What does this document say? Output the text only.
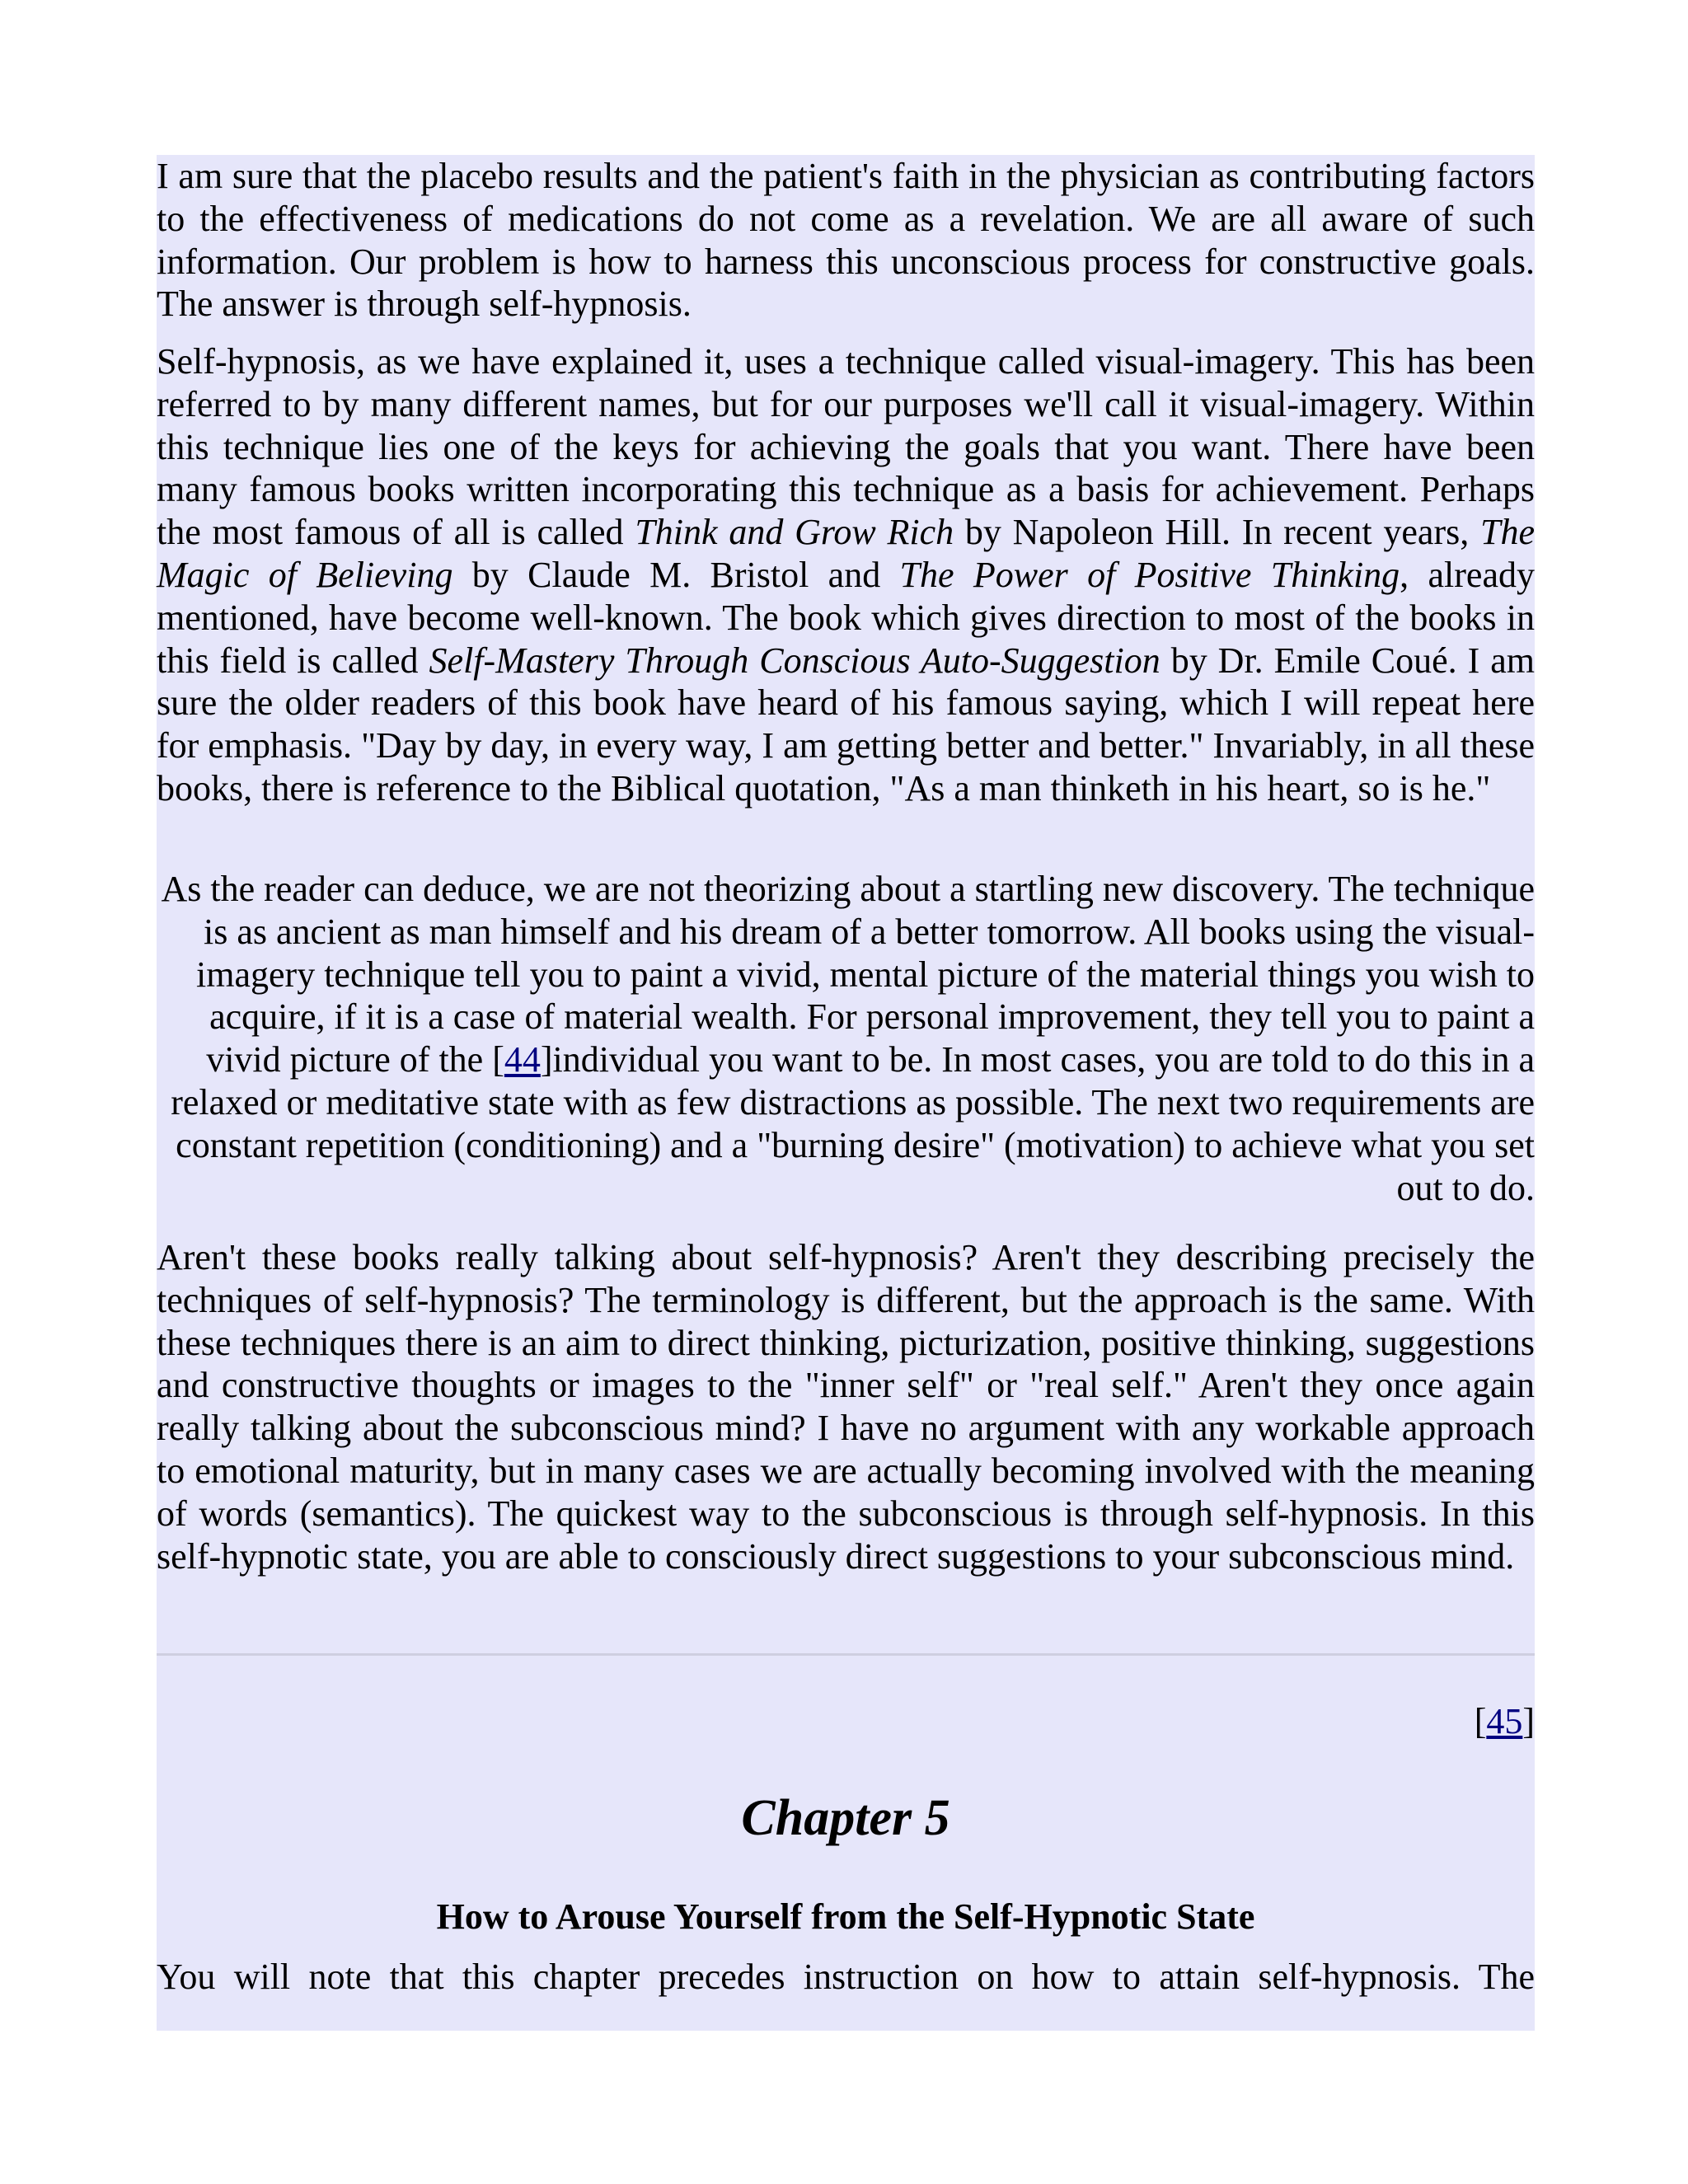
I am sure that the placebo results and the patient's faith in the physician as contributing factors to the effectiveness of medications do not come as a revelation. We are all aware of such information. Our problem is how to harness this unconscious process for constructive goals. The answer is through self-hypnosis.

Self-hypnosis, as we have explained it, uses a technique called visual-imagery. This has been referred to by many different names, but for our purposes we'll call it visual-imagery. Within this technique lies one of the keys for achieving the goals that you want. There have been many famous books written incorporating this technique as a basis for achievement. Perhaps the most famous of all is called Think and Grow Rich by Napoleon Hill. In recent years, The Magic of Believing by Claude M. Bristol and The Power of Positive Thinking, already mentioned, have become well-known. The book which gives direction to most of the books in this field is called Self-Mastery Through Conscious Auto-Suggestion by Dr. Emile Coué. I am sure the older readers of this book have heard of his famous saying, which I will repeat here for emphasis. "Day by day, in every way, I am getting better and better." Invariably, in all these books, there is reference to the Biblical quotation, "As a man thinketh in his heart, so is he."

As the reader can deduce, we are not theorizing about a startling new discovery. The technique is as ancient as man himself and his dream of a better tomorrow. All books using the visual-imagery technique tell you to paint a vivid, mental picture of the material things you wish to acquire, if it is a case of material wealth. For personal improvement, they tell you to paint a vivid picture of the [44]individual you want to be. In most cases, you are told to do this in a relaxed or meditative state with as few distractions as possible. The next two requirements are constant repetition (conditioning) and a "burning desire" (motivation) to achieve what you set out to do.

Aren't these books really talking about self-hypnosis? Aren't they describing precisely the techniques of self-hypnosis? The terminology is different, but the approach is the same. With these techniques there is an aim to direct thinking, picturization, positive thinking, suggestions and constructive thoughts or images to the "inner self" or "real self." Aren't they once again really talking about the subconscious mind? I have no argument with any workable approach to emotional maturity, but in many cases we are actually becoming involved with the meaning of words (semantics). The quickest way to the subconscious is through self-hypnosis. In this self-hypnotic state, you are able to consciously direct suggestions to your subconscious mind.

[45]
Chapter 5
How to Arouse Yourself from the Self-Hypnotic State

You will note that this chapter precedes instruction on how to attain self-hypnosis. The
